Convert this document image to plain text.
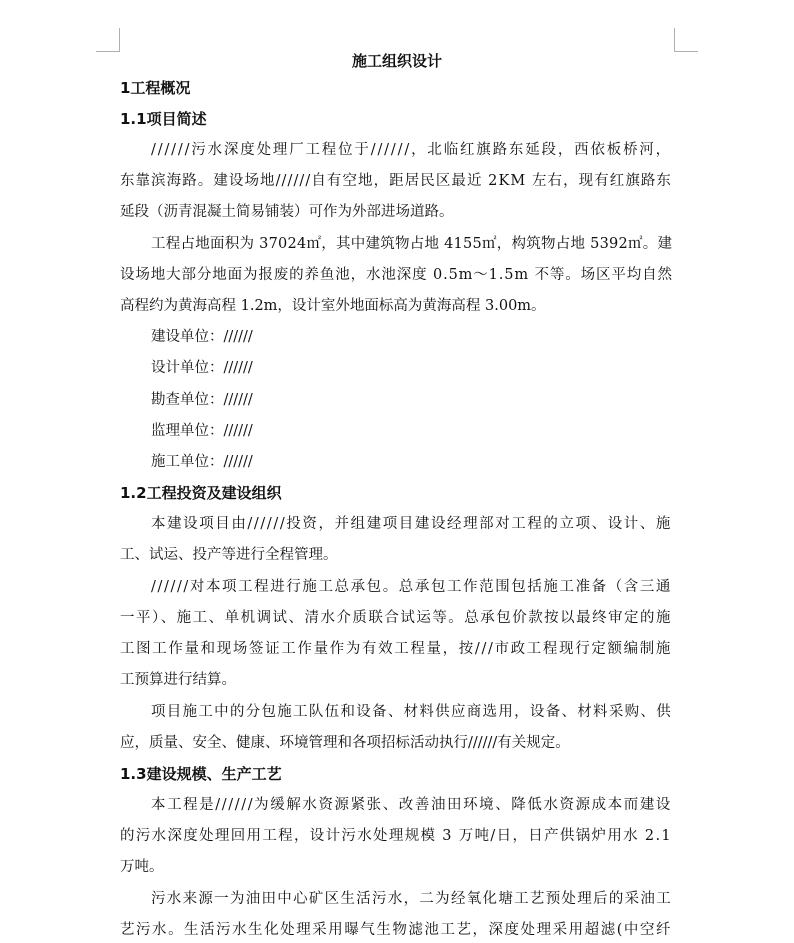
施工组织设计
1工程概况
1.1项目简述
//////污水深度处理厂工程位于//////，北临红旗路东延段，西依板桥河，
东靠滨海路。建设场地//////自有空地，距居民区最近 2KM 左右，现有红旗路东
延段（沥青混凝土简易铺装）可作为外部进场道路。
工程占地面积为 37024㎡，其中建筑物占地 4155㎡，构筑物占地 5392㎡。建
设场地大部分地面为报废的养鱼池，水池深度 0.5m～1.5m 不等。场区平均自然
高程约为黄海高程 1.2m，设计室外地面标高为黄海高程 3.00m。
建设单位：//////
设计单位：//////
勘查单位：//////
监理单位：//////
施工单位：//////
1.2工程投资及建设组织
本建设项目由//////投资，并组建项目建设经理部对工程的立项、设计、施
工、试运、投产等进行全程管理。
//////对本项工程进行施工总承包。总承包工作范围包括施工准备（含三通
一平）、施工、单机调试、清水介质联合试运等。总承包价款按以最终审定的施
工图工作量和现场签证工作量作为有效工程量，按///市政工程现行定额编制施
工预算进行结算。
项目施工中的分包施工队伍和设备、材料供应商选用，设备、材料采购、供
应，质量、安全、健康、环境管理和各项招标活动执行//////有关规定。
1.3建设规模、生产工艺
本工程是//////为缓解水资源紧张、改善油田环境、降低水资源成本而建设
的污水深度处理回用工程，设计污水处理规模 3 万吨/日，日产供锅炉用水 2.1
万吨。
污水来源一为油田中心矿区生活污水，二为经氧化塘工艺预处理后的采油工
艺污水。生活污水生化处理采用曝气生物滤池工艺，深度处理采用超滤(中空纤
